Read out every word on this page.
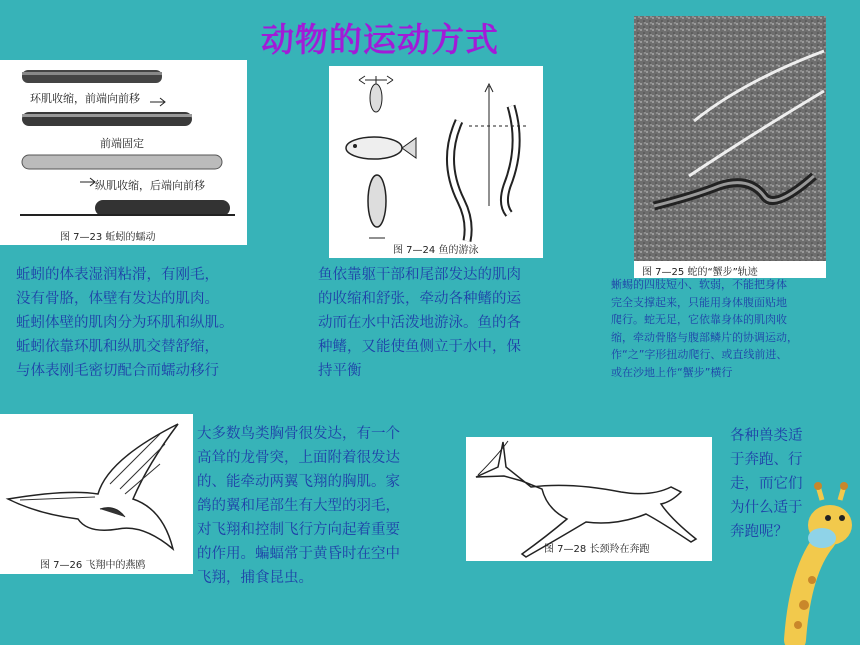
动物的运动方式
环肌收缩，前端向前移
前端固定
纵肌收缩，后端向前移
图 7—23 蚯蚓的蠕动
图 7—24 鱼的游泳
图 7—25 蛇的“蟹步”轨迹
蚯蚓的体表湿润粘滑，有刚毛，
没有骨胳，体壁有发达的肌肉。
蚯蚓体壁的肌肉分为环肌和纵肌。
蚯蚓依靠环肌和纵肌交替舒缩，
与体表刚毛密切配合而蠕动移行
鱼依靠躯干部和尾部发达的肌肉
的收缩和舒张，牵动各种鳍的运
动而在水中活泼地游泳。鱼的各
种鳍，又能使鱼侧立于水中，保
持平衡
蜥蜴的四肢短小、软弱，不能把身体
完全支撑起来，只能用身体腹面贴地
爬行。蛇无足，它依靠身体的肌肉收
缩，牵动骨胳与腹部鳞片的协调运动，
作“之”字形扭动爬行、或直线前进、
或在沙地上作“蟹步”横行
图 7—26 飞翔中的燕鸥
大多数鸟类胸骨很发达，有一个
高耸的龙骨突，上面附着很发达
的、能牵动两翼飞翔的胸肌。家
鸽的翼和尾部生有大型的羽毛，
对飞翔和控制飞行方向起着重要
的作用。蝙蝠常于黄昏时在空中
飞翔，捕食昆虫。
图 7—28 长颈羚在奔跑
各种兽类适
于奔跑、行
走，而它们
为什么适于
奔跑呢？
